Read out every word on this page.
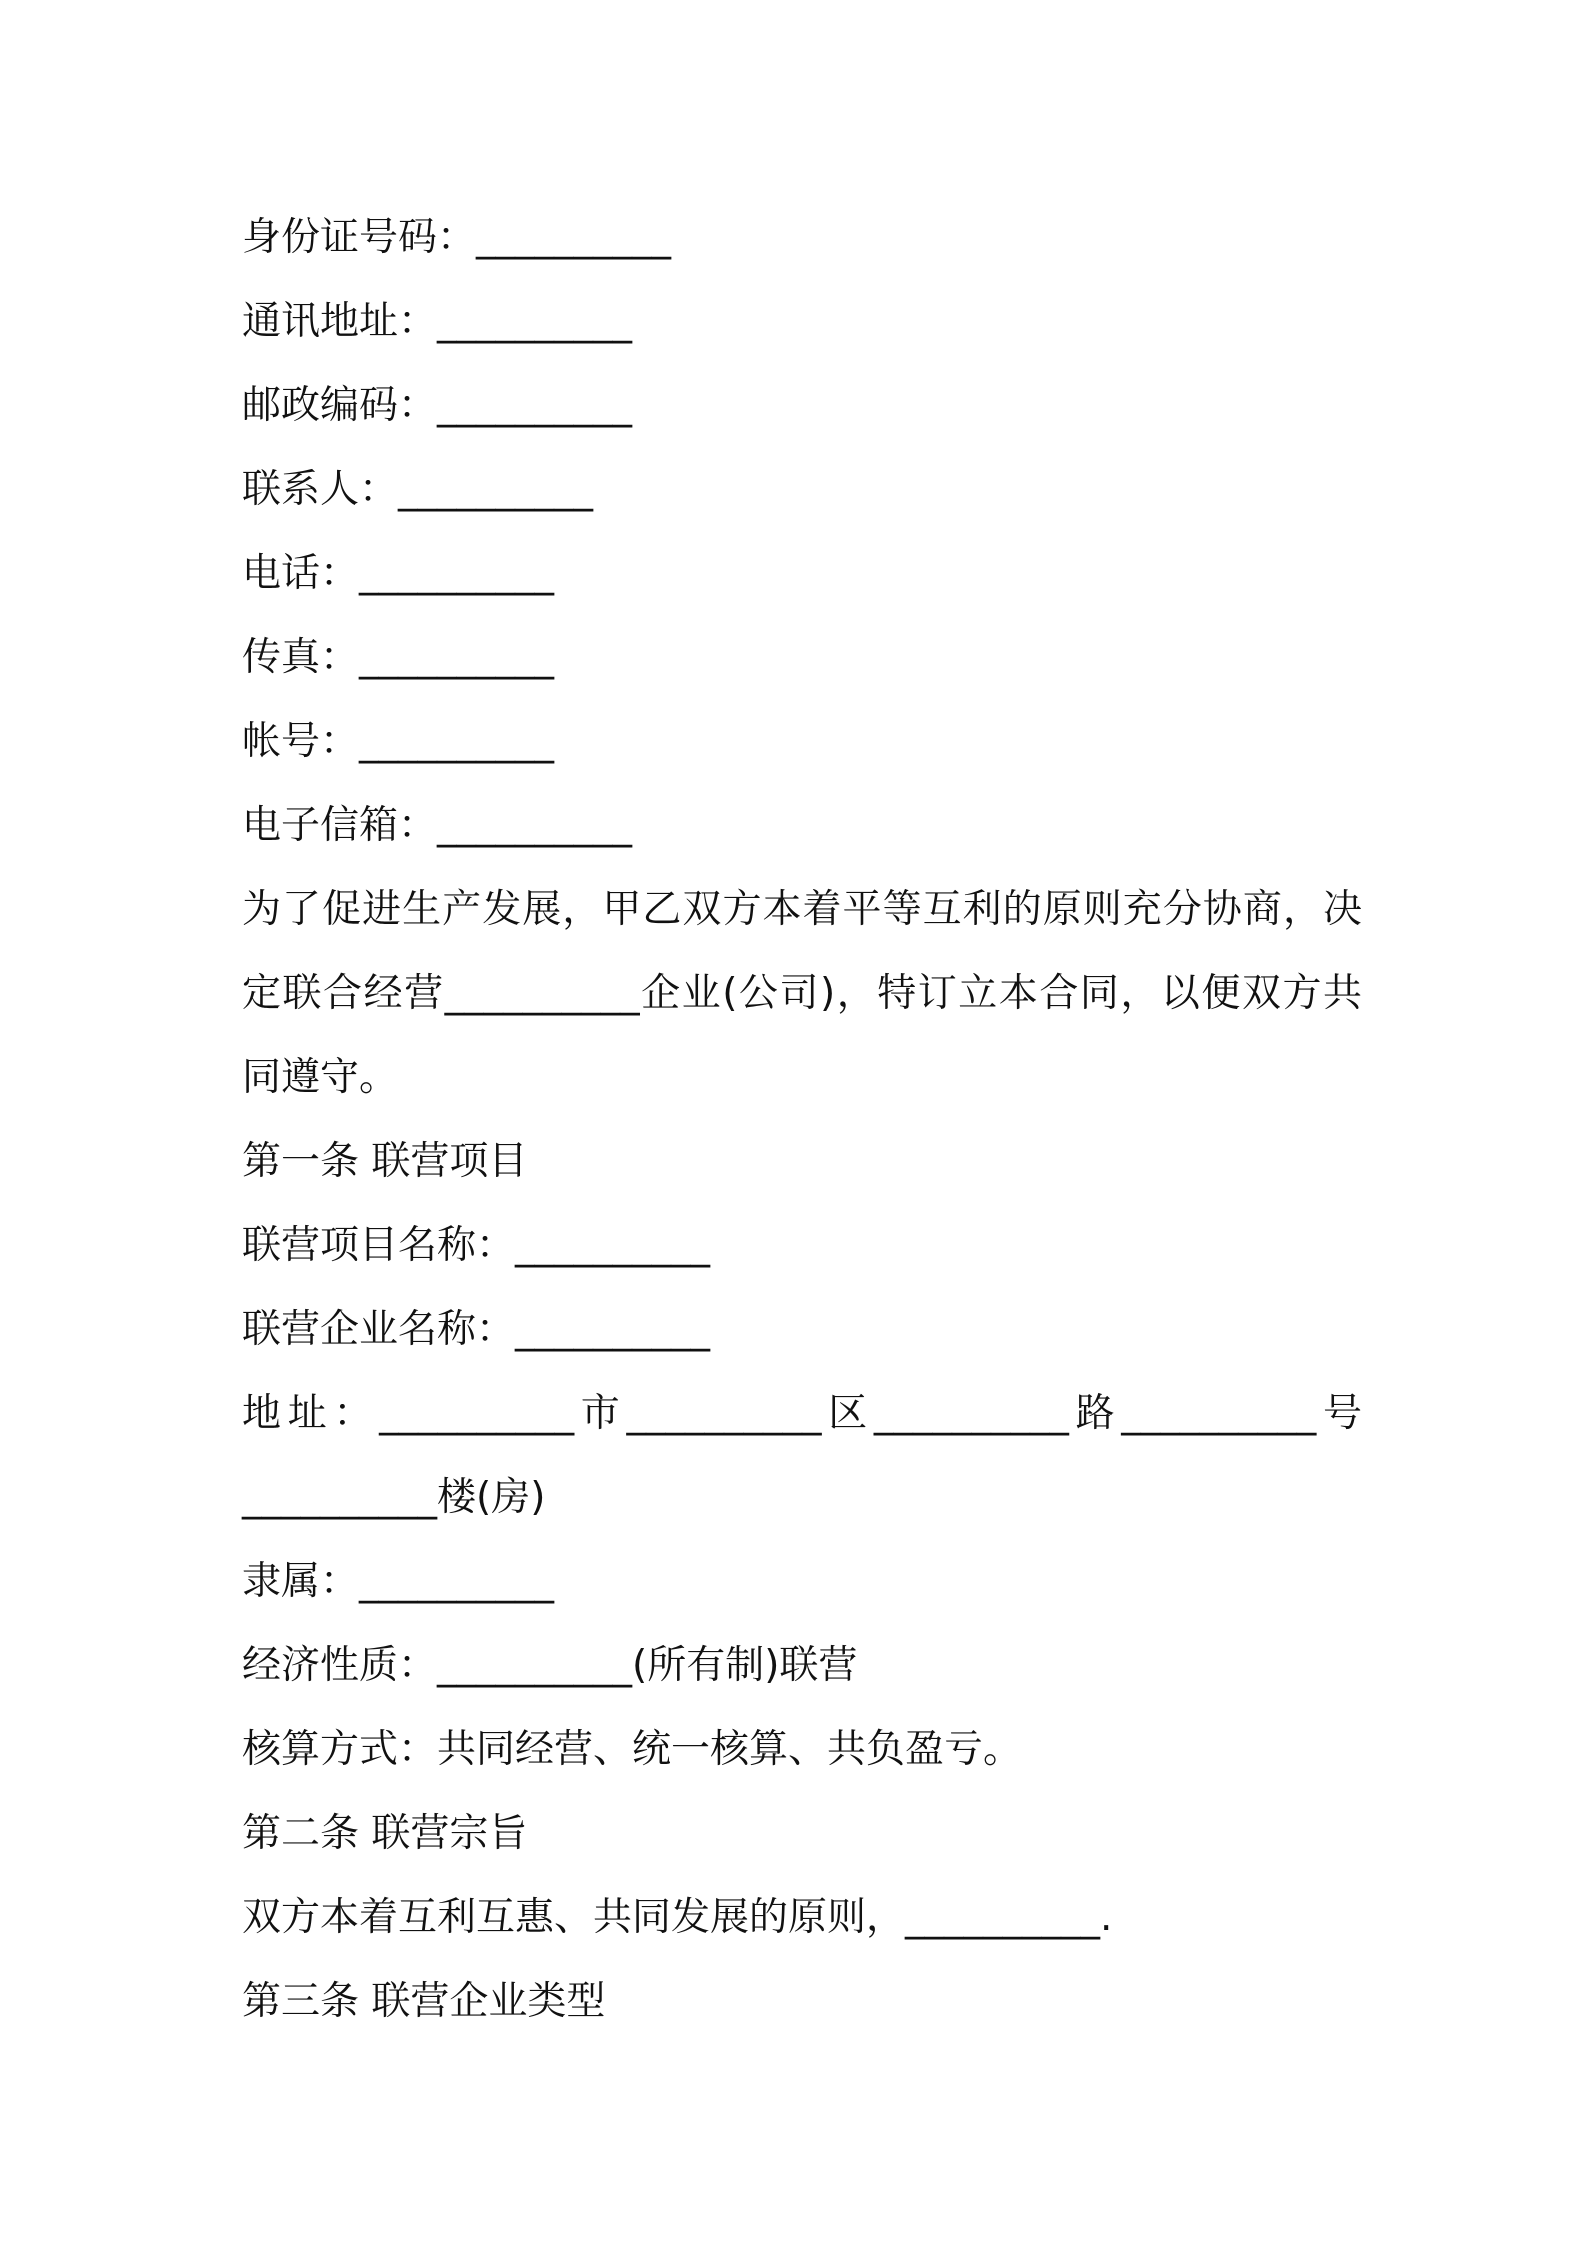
身份证号码：__________

通讯地址：__________

邮政编码：__________

联系人：__________

电话：__________

传真：__________

帐号：__________

电子信箱：__________

为了促进生产发展，甲乙双方本着平等互利的原则充分协商，决定联合经营__________企业(公司)，特订立本合同，以便双方共同遵守。

第一条 联营项目

联营项目名称：__________

联营企业名称：__________

地址：__________市__________区__________路__________号__________楼(房)

隶属：__________

经济性质：__________(所有制)联营

核算方式：共同经营、统一核算、共负盈亏。

第二条 联营宗旨

双方本着互利互惠、共同发展的原则，__________.

第三条 联营企业类型
